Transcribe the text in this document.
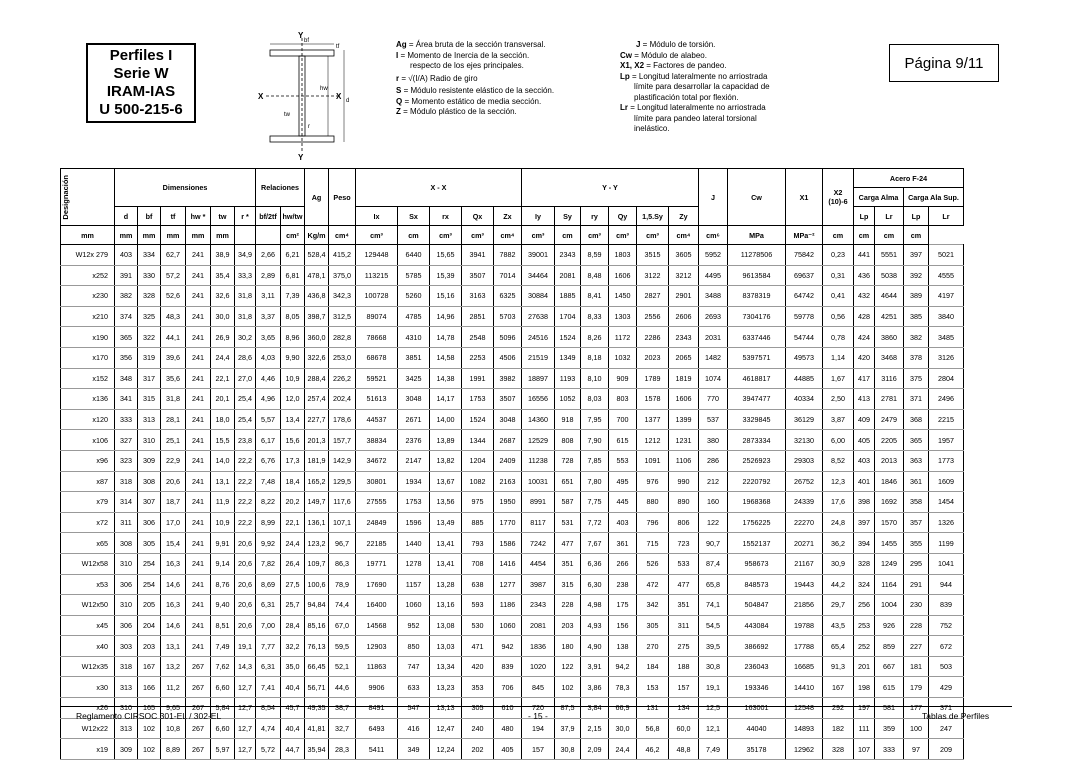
Perfiles I
Serie W
IRAM-IAS
U 500-215-6
Y
Y
X	X
bf
tf
tw
r
hw
d
Ag = Área bruta de la sección transversal.
I = Momento de Inercia de la sección.
respecto de los ejes principales.
r = √(I/A) Radio de giro
S = Módulo resistente elástico de la sección.
Q = Momento estático de media sección.
Z = Módulo plástico de la sección.
J = Módulo de torsión.
Cw = Módulo de alabeo.
X1, X2 = Factores de pandeo.
Lp = Longitud lateralmente no arriostrada
límite para desarrollar la capacidad de
plastificación total por flexión.
Lr = Longitud lateralmente no arriostrada
límite para pandeo lateral torsional
inelástico.
Página 9/11
Designación	Dimensiones						Relaciones		Ag	Peso	X - X					Y - Y						J	Cw	X1	X2
(10)-6	Acero F-24			
																										Carga Alma		Carga Ala Sup.	
	d	bf	tf	hw *	tw	r *	bf/2tf	hw/tw			Ix	Sx	rx	Qx	Zx	Iy	Sy	ry	Qy	1,5.Sy	Zy					Lp	Lr	Lp	Lr
mm	mm	mm	mm	mm	mm			cm²	Kg/m	cm⁴	cm³	cm	cm³	cm³	cm⁴	cm³	cm	cm³	cm³	cm³	cm⁴	cm⁶	MPa	MPa⁻²	cm	cm	cm	cm	
W12x 279	403	334	62,7	241	38,9	34,9	2,66	6,21	528,4	415,2	129448	6440	15,65	3941	7882	39001	2343	8,59	1803	3515	3605	5952	11278506	75842	0,23	441	5551	397	5021
x252	391	330	57,2	241	35,4	33,3	2,89	6,81	478,1	375,0	113215	5785	15,39	3507	7014	34464	2081	8,48	1606	3122	3212	4495	9613584	69637	0,31	436	5038	392	4555
x230	382	328	52,6	241	32,6	31,8	3,11	7,39	436,8	342,3	100728	5260	15,16	3163	6325	30884	1885	8,41	1450	2827	2901	3488	8378319	64742	0,41	432	4644	389	4197
x210	374	325	48,3	241	30,0	31,8	3,37	8,05	398,7	312,5	89074	4785	14,96	2851	5703	27638	1704	8,33	1303	2556	2606	2693	7304176	59778	0,56	428	4251	385	3840
x190	365	322	44,1	241	26,9	30,2	3,65	8,96	360,0	282,8	78668	4310	14,78	2548	5096	24516	1524	8,26	1172	2286	2343	2031	6337446	54744	0,78	424	3860	382	3485
x170	356	319	39,6	241	24,4	28,6	4,03	9,90	322,6	253,0	68678	3851	14,58	2253	4506	21519	1349	8,18	1032	2023	2065	1482	5397571	49573	1,14	420	3468	378	3126
x152	348	317	35,6	241	22,1	27,0	4,46	10,9	288,4	226,2	59521	3425	14,38	1991	3982	18897	1193	8,10	909	1789	1819	1074	4618817	44885	1,67	417	3116	375	2804
x136	341	315	31,8	241	20,1	25,4	4,96	12,0	257,4	202,4	51613	3048	14,17	1753	3507	16556	1052	8,03	803	1578	1606	770	3947477	40334	2,50	413	2781	371	2496
x120	333	313	28,1	241	18,0	25,4	5,57	13,4	227,7	178,6	44537	2671	14,00	1524	3048	14360	918	7,95	700	1377	1399	537	3329845	36129	3,87	409	2479	368	2215
x106	327	310	25,1	241	15,5	23,8	6,17	15,6	201,3	157,7	38834	2376	13,89	1344	2687	12529	808	7,90	615	1212	1231	380	2873334	32130	6,00	405	2205	365	1957
x96	323	309	22,9	241	14,0	22,2	6,76	17,3	181,9	142,9	34672	2147	13,82	1204	2409	11238	728	7,85	553	1091	1106	286	2526923	29303	8,52	403	2013	363	1773
x87	318	308	20,6	241	13,1	22,2	7,48	18,4	165,2	129,5	30801	1934	13,67	1082	2163	10031	651	7,80	495	976	990	212	2220792	26752	12,3	401	1846	361	1609
x79	314	307	18,7	241	11,9	22,2	8,22	20,2	149,7	117,6	27555	1753	13,56	975	1950	8991	587	7,75	445	880	890	160	1968368	24339	17,6	398	1692	358	1454
x72	311	306	17,0	241	10,9	22,2	8,99	22,1	136,1	107,1	24849	1596	13,49	885	1770	8117	531	7,72	403	796	806	122	1756225	22270	24,8	397	1570	357	1326
x65	308	305	15,4	241	9,91	20,6	9,92	24,4	123,2	96,7	22185	1440	13,41	793	1586	7242	477	7,67	361	715	723	90,7	1552137	20271	36,2	394	1455	355	1199
W12x58	310	254	16,3	241	9,14	20,6	7,82	26,4	109,7	86,3	19771	1278	13,41	708	1416	4454	351	6,36	266	526	533	87,4	958673	21167	30,9	328	1249	295	1041
x53	306	254	14,6	241	8,76	20,6	8,69	27,5	100,6	78,9	17690	1157	13,28	638	1277	3987	315	6,30	238	472	477	65,8	848573	19443	44,2	324	1164	291	944
W12x50	310	205	16,3	241	9,40	20,6	6,31	25,7	94,84	74,4	16400	1060	13,16	593	1186	2343	228	4,98	175	342	351	74,1	504847	21856	29,7	256	1004	230	839
x45	306	204	14,6	241	8,51	20,6	7,00	28,4	85,16	67,0	14568	952	13,08	530	1060	2081	203	4,93	156	305	311	54,5	443084	19788	43,5	253	926	228	752
x40	303	203	13,1	241	7,49	19,1	7,77	32,2	76,13	59,5	12903	850	13,03	471	942	1836	180	4,90	138	270	275	39,5	386692	17788	65,4	252	859	227	672
W12x35	318	167	13,2	267	7,62	14,3	6,31	35,0	66,45	52,1	11863	747	13,34	420	839	1020	122	3,91	94,2	184	188	30,8	236043	16685	91,3	201	667	181	503
x30	313	166	11,2	267	6,60	12,7	7,41	40,4	56,71	44,6	9906	633	13,23	353	706	845	102	3,86	78,3	153	157	19,1	193346	14410	167	198	615	179	429
x26	310	165	9,65	267	5,84	12,7	8,54	45,7	49,35	38,7	8491	547	13,13	305	610	720	87,5	3,84	66,9	131	134	12,5	163001	12548	292	197	581	177	371
W12x22	313	102	10,8	267	6,60	12,7	4,74	40,4	41,81	32,7	6493	416	12,47	240	480	194	37,9	2,15	30,0	56,8	60,0	12,1	44040	14893	182	111	359	100	247
x19	309	102	8,89	267	5,97	12,7	5,72	44,7	35,94	28,3	5411	349	12,24	202	405	157	30,8	2,09	24,4	46,2	48,8	7,49	35178	12962	328	107	333	97	209
Reglamento CIRSOC 301-EL / 302-EL	- 15 -	Tablas de Perfiles
